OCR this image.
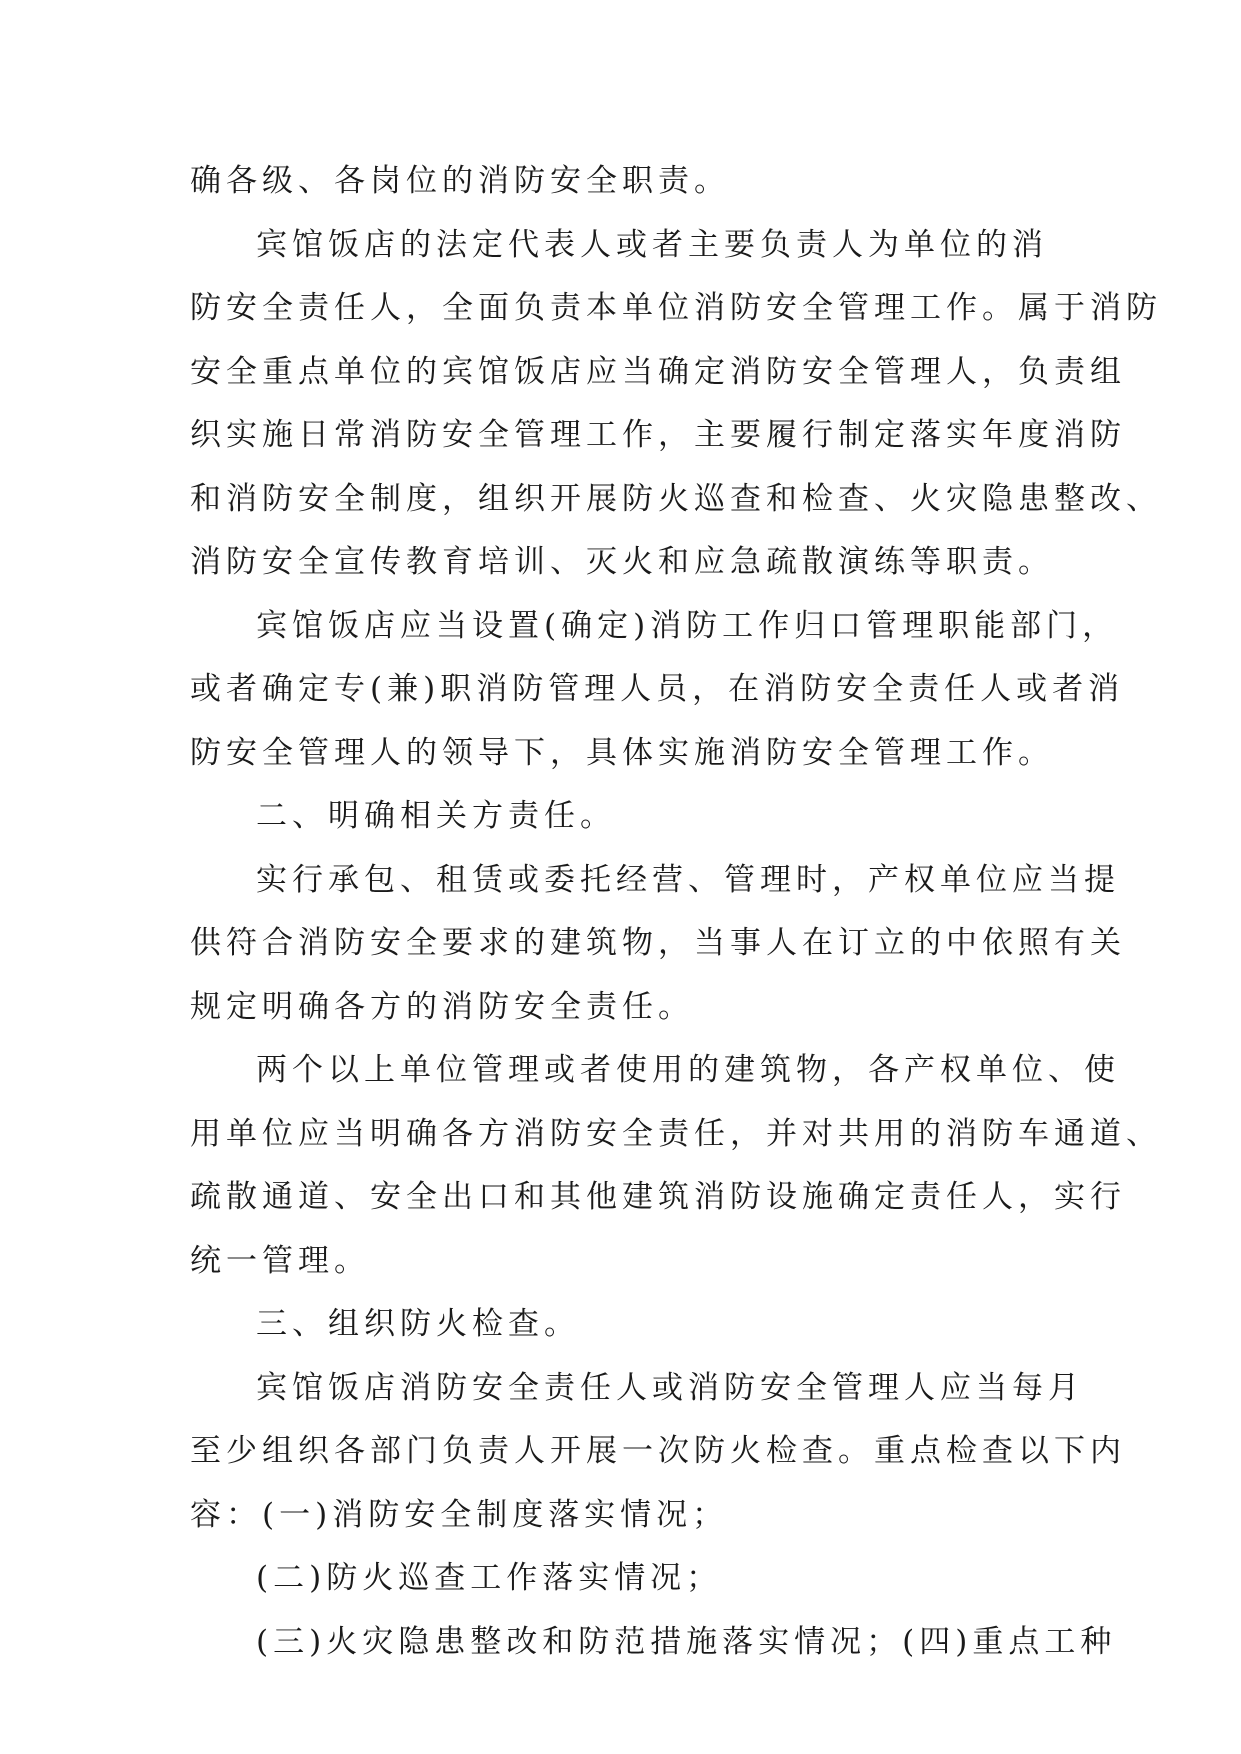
确各级、各岗位的消防安全职责。
宾馆饭店的法定代表人或者主要负责人为单位的消
防安全责任人，全面负责本单位消防安全管理工作。属于消防
安全重点单位的宾馆饭店应当确定消防安全管理人，负责组
织实施日常消防安全管理工作，主要履行制定落实年度消防
和消防安全制度，组织开展防火巡查和检查、火灾隐患整改、
消防安全宣传教育培训、灭火和应急疏散演练等职责。
宾馆饭店应当设置(确定)消防工作归口管理职能部门，
或者确定专(兼)职消防管理人员，在消防安全责任人或者消
防安全管理人的领导下，具体实施消防安全管理工作。
二、明确相关方责任。
实行承包、租赁或委托经营、管理时，产权单位应当提
供符合消防安全要求的建筑物，当事人在订立的中依照有关
规定明确各方的消防安全责任。
两个以上单位管理或者使用的建筑物，各产权单位、使
用单位应当明确各方消防安全责任，并对共用的消防车通道、
疏散通道、安全出口和其他建筑消防设施确定责任人，实行
统一管理。
三、组织防火检查。
宾馆饭店消防安全责任人或消防安全管理人应当每月
至少组织各部门负责人开展一次防火检查。重点检查以下内
容：(一)消防安全制度落实情况；
(二)防火巡查工作落实情况；
(三)火灾隐患整改和防范措施落实情况；(四)重点工种
